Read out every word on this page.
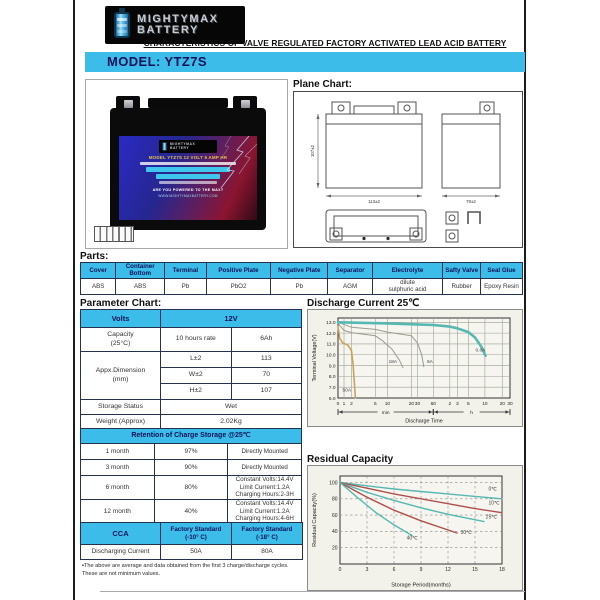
MIGHTYMAX
BATTERY
CHARACTERISTICS OF VALVE REGULATED FACTORY ACTIVATED LEAD ACID BATTERY
MODEL: YTZ7S
MIGHTYMAX
BATTERY
MODEL YTZ7S 12 VOLT 6 AMP HR
ARE YOU POWERED TO THE MAX?
WWW.MIGHTYMAXBATTERY.COM
Plane Chart:
107±2
113±2	70±2
Parts:
Cover	Container
Bottom	Terminal	Positive Plate	Negative Plate	Separator	Electrolyte	Safty Valve	Seal Glue

ABS	ABS	Pb	PbO2	Pb	AGM	dilute
sulphuric acid	Rubber	Epoxy Resin
Parameter Chart:
Volts	12V	

Capacity
(25°C)	10 hours rate	6Ah

Appx.Dimension
(mm)	L±2	113

	W±2	70

	H±2	107

Storage Status	Wet	

Weight (Approx)	2.02Kg	
Retention of Charge Storage @25℃		

1 month	97%	Directly Mounted

3 month	90%	Directly Mounted

6 month	80%	Constant Volts:14.4V
Limit Current:1.2A Charging Hours:2-3H

12 month	40%	Constant Volts:14.4V
Limit Current:1.2A Charging Hours:4-6H
CCA	Factory Standard
(-10° C)

Factory Standard
(-18° C)

Discharging Current	50A	80A
▪The above are average and data obtained from the first 3 charge/discharge cycles. These are not minimum values.
Discharge Current 25℃
13.0
12.0
11.0
10.0
9.0
8.0
7.0
6.0
0 1 2	5 10	20 30 60	2 3 5	10	20 30
50A
18A	6A
0.6A
Terminal Voltage(V)
Discharge Time
min	h
Residual Capacity
100
80
60
40
20
0	3	6	9	12	15	18
0℃
10℃
25℃
30℃
40℃
Residual Capacity(%)
Storage Period(months)
